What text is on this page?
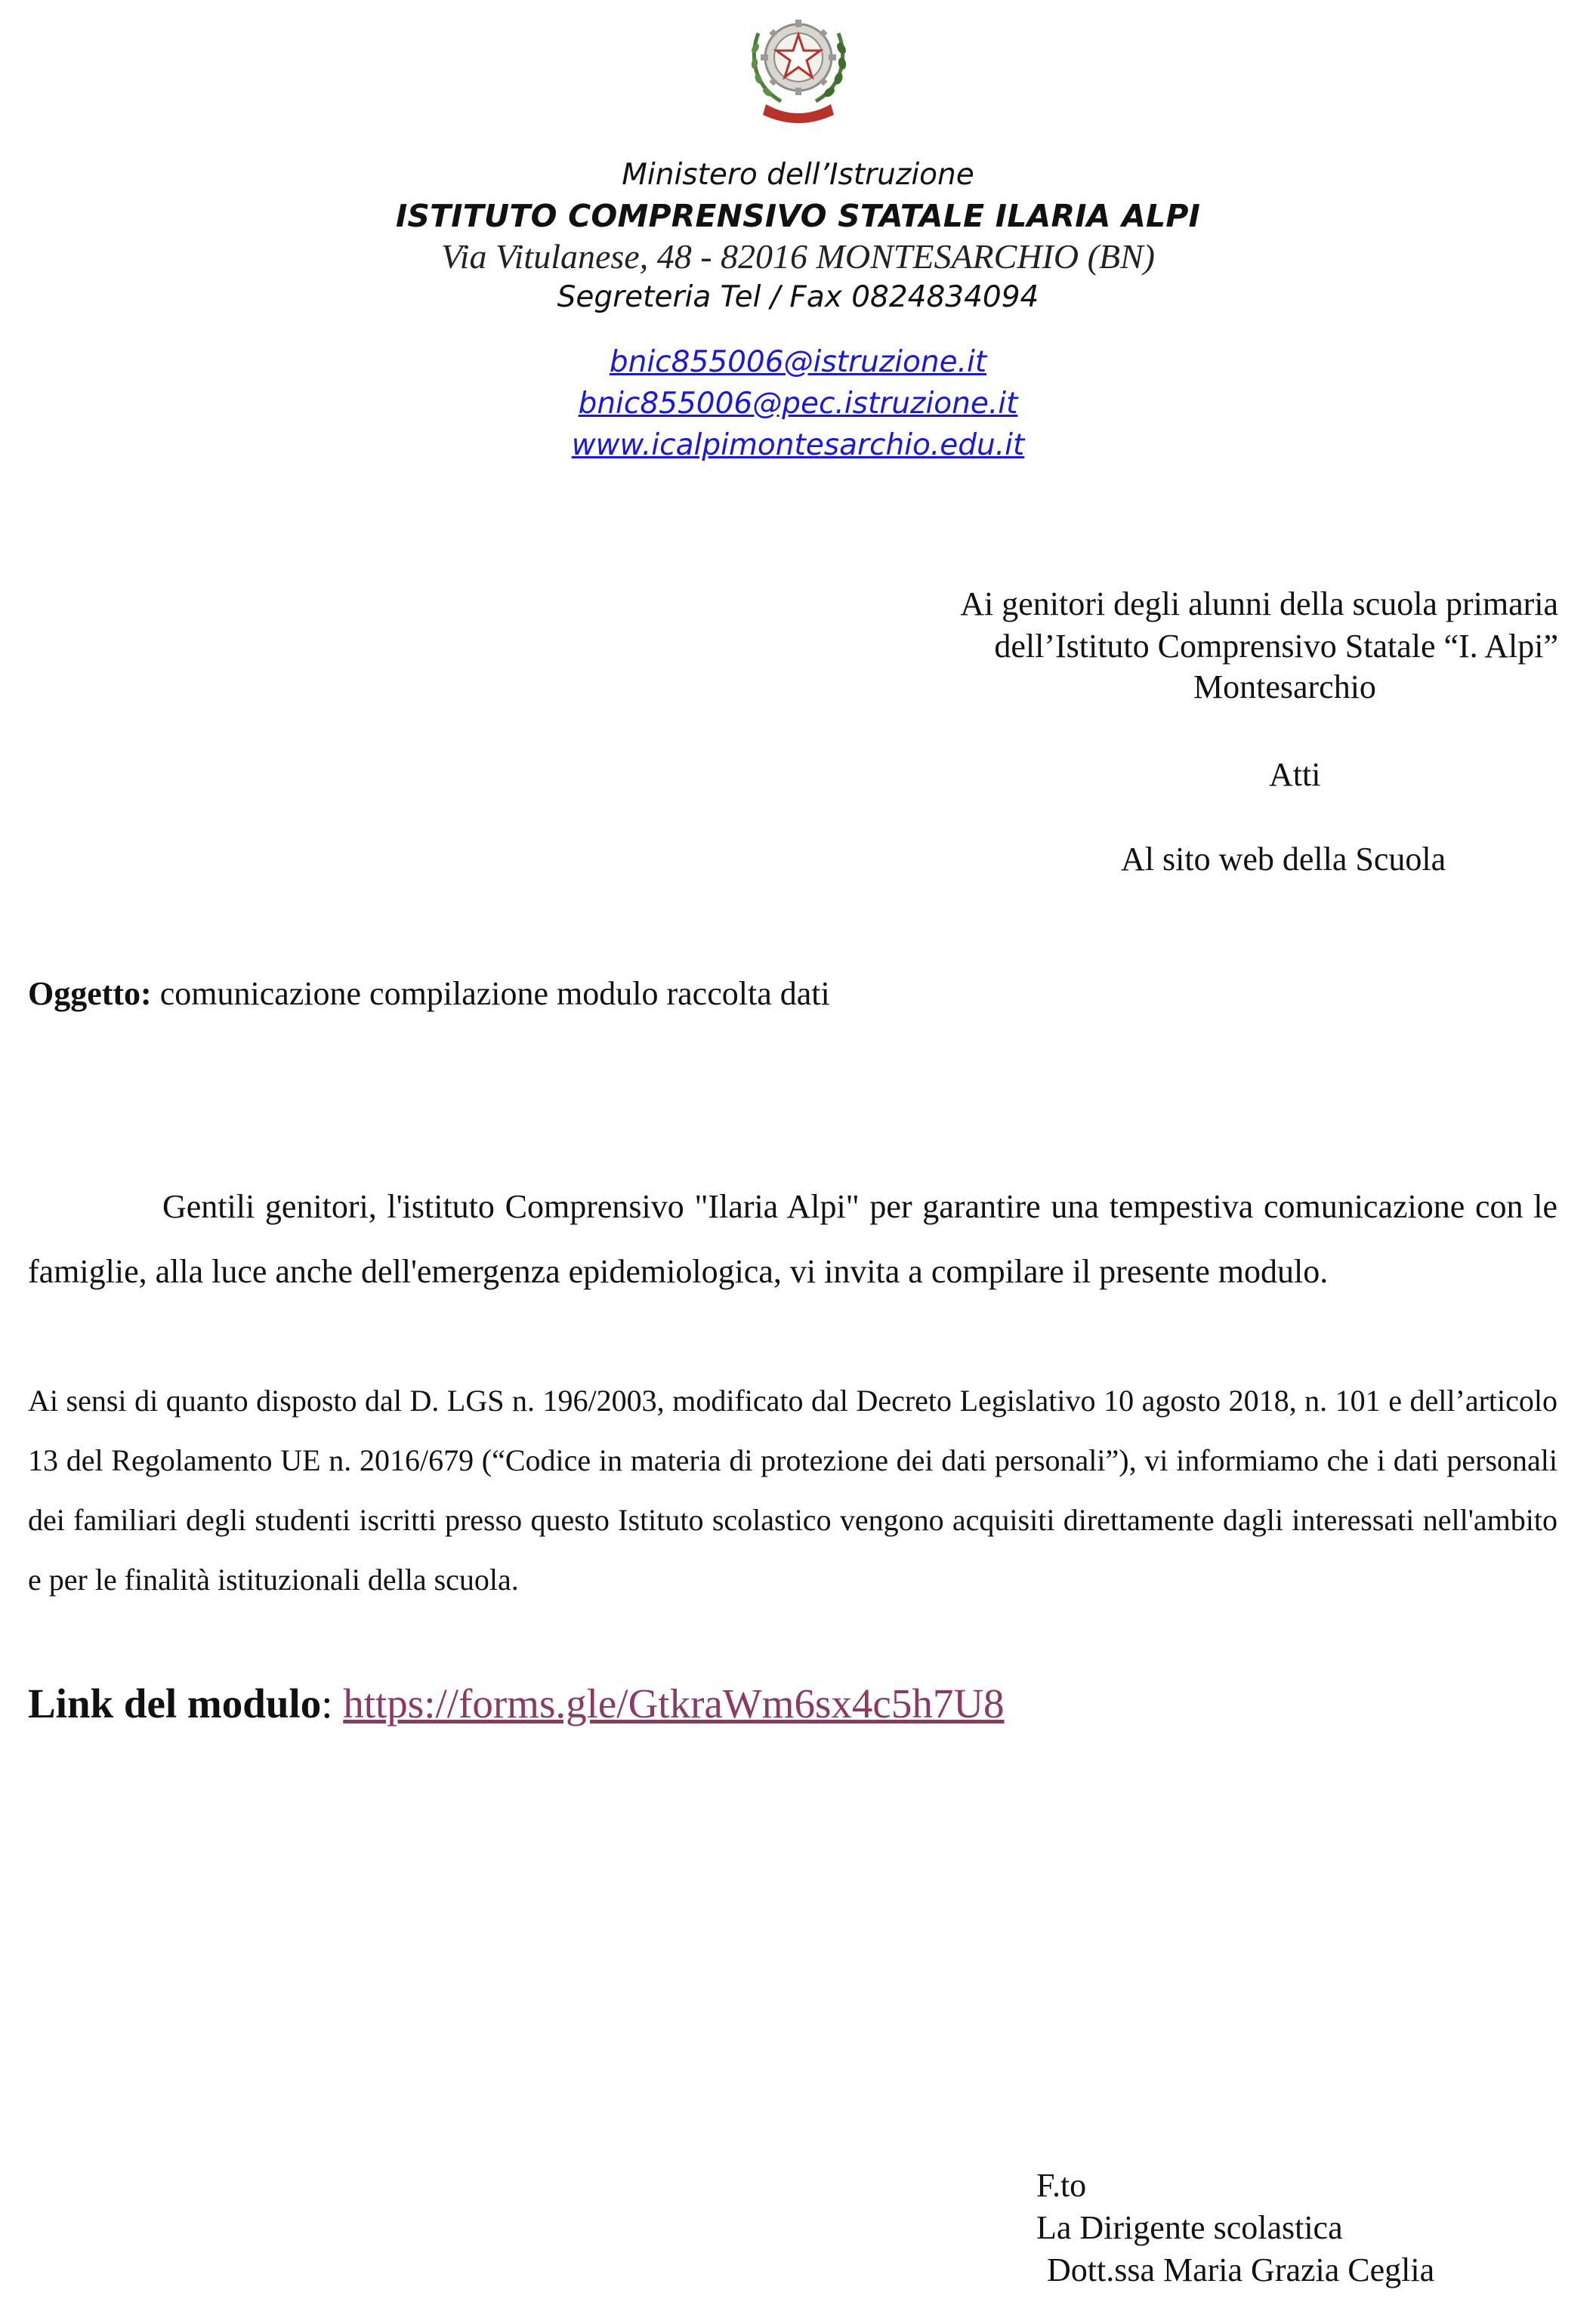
Ministero dell’Istruzione
ISTITUTO COMPRENSIVO STATALE ILARIA ALPI
Via Vitulanese, 48 - 82016 MONTESARCHIO (BN)
Segreteria Tel / Fax 0824834094
bnic855006@istruzione.it
bnic855006@pec.istruzione.it
www.icalpimontesarchio.edu.it
Ai genitori degli alunni della scuola primaria
dell’Istituto Comprensivo Statale “I. Alpi”
Montesarchio
Atti
Al sito web della Scuola
Oggetto: comunicazione compilazione modulo raccolta dati
Gentili genitori, l'istituto Comprensivo "Ilaria Alpi" per garantire una tempestiva comunicazione con le famiglie, alla luce anche dell'emergenza epidemiologica, vi invita a compilare il presente modulo.
Ai sensi di quanto disposto dal D. LGS n. 196/2003, modificato dal Decreto Legislativo 10 agosto 2018, n. 101 e dell’articolo 13 del Regolamento UE n. 2016/679 (“Codice in materia di protezione dei dati personali”), vi informiamo che i dati personali dei familiari degli studenti iscritti presso questo Istituto scolastico vengono acquisiti direttamente dagli interessati nell'ambito e per le finalità istituzionali della scuola.
Link del modulo: https://forms.gle/GtkraWm6sx4c5h7U8
F.to
La Dirigente scolastica
Dott.ssa Maria Grazia Ceglia
